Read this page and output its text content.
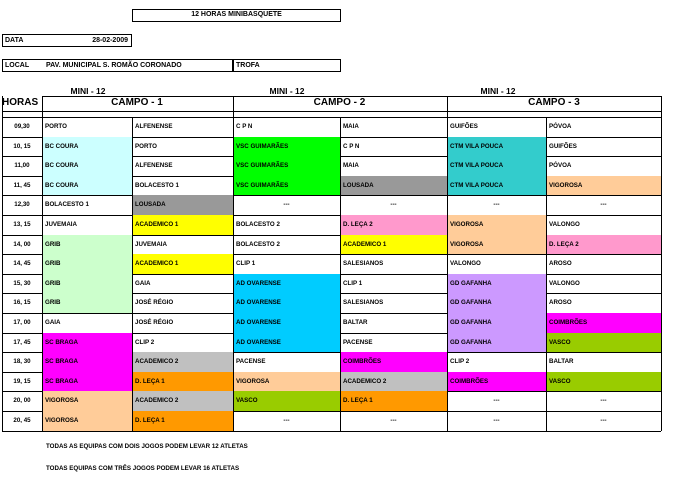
12 HORAS MINIBASQUETE
DATA	28-02-2009
LOCAL PAV. MUNICIPAL S. ROMÃO CORONADO	TROFA
MINI - 12	MINI - 12	MINI - 12
HORAS	CAMPO - 1	CAMPO - 2	CAMPO - 3
09,30	PORTO	ALFENENSE	C P N	MAIA	GUIFÕES	PÓVOA
10, 15	BC COURA	PORTO	VSC GUIMARÃES	C P N	CTM VILA POUCA	GUIFÕES
11,00	BC COURA	ALFENENSE	VSC GUIMARÃES	MAIA	CTM VILA POUCA	PÓVOA
11, 45	BC COURA	BOLACESTO 1	VSC GUIMARÃES	LOUSADA	CTM VILA POUCA	VIGOROSA
12,30	BOLACESTO 1	LOUSADA	---	---	---	---
13, 15	JUVEMAIA	ACADEMICO 1	BOLACESTO 2	D. LEÇA 2	VIGOROSA	VALONGO
14, 00	GRIB	JUVEMAIA	BOLACESTO 2	ACADEMICO 1	VIGOROSA	D. LEÇA 2
14, 45	GRIB	ACADEMICO 1	CLIP 1	SALESIANOS	VALONGO	AROSO
15, 30	GRIB	GAIA	AD OVARENSE	CLIP 1	GD GAFANHA	VALONGO
16, 15	GRIB	JOSÉ RÉGIO	AD OVARENSE	SALESIANOS	GD GAFANHA	AROSO
17, 00	GAIA	JOSÉ RÉGIO	AD OVARENSE	BALTAR	GD GAFANHA	COIMBRÕES
17, 45	SC BRAGA	CLIP 2	AD OVARENSE	PACENSE	GD GAFANHA	VASCO
18, 30	SC BRAGA	ACADEMICO 2	PACENSE	COIMBRÕES	CLIP 2	BALTAR
19, 15	SC BRAGA	D. LEÇA 1	VIGOROSA	ACADEMICO 2	COIMBRÕES	VASCO
20, 00	VIGOROSA	ACADEMICO 2	VASCO	D. LEÇA 1	---	---
20, 45	VIGOROSA	D. LEÇA 1	---	---	---	---
TODAS AS EQUIPAS COM DOIS JOGOS PODEM LEVAR 12 ATLETAS
TODAS EQUIPAS COM TRÊS JOGOS PODEM LEVAR 16 ATLETAS
